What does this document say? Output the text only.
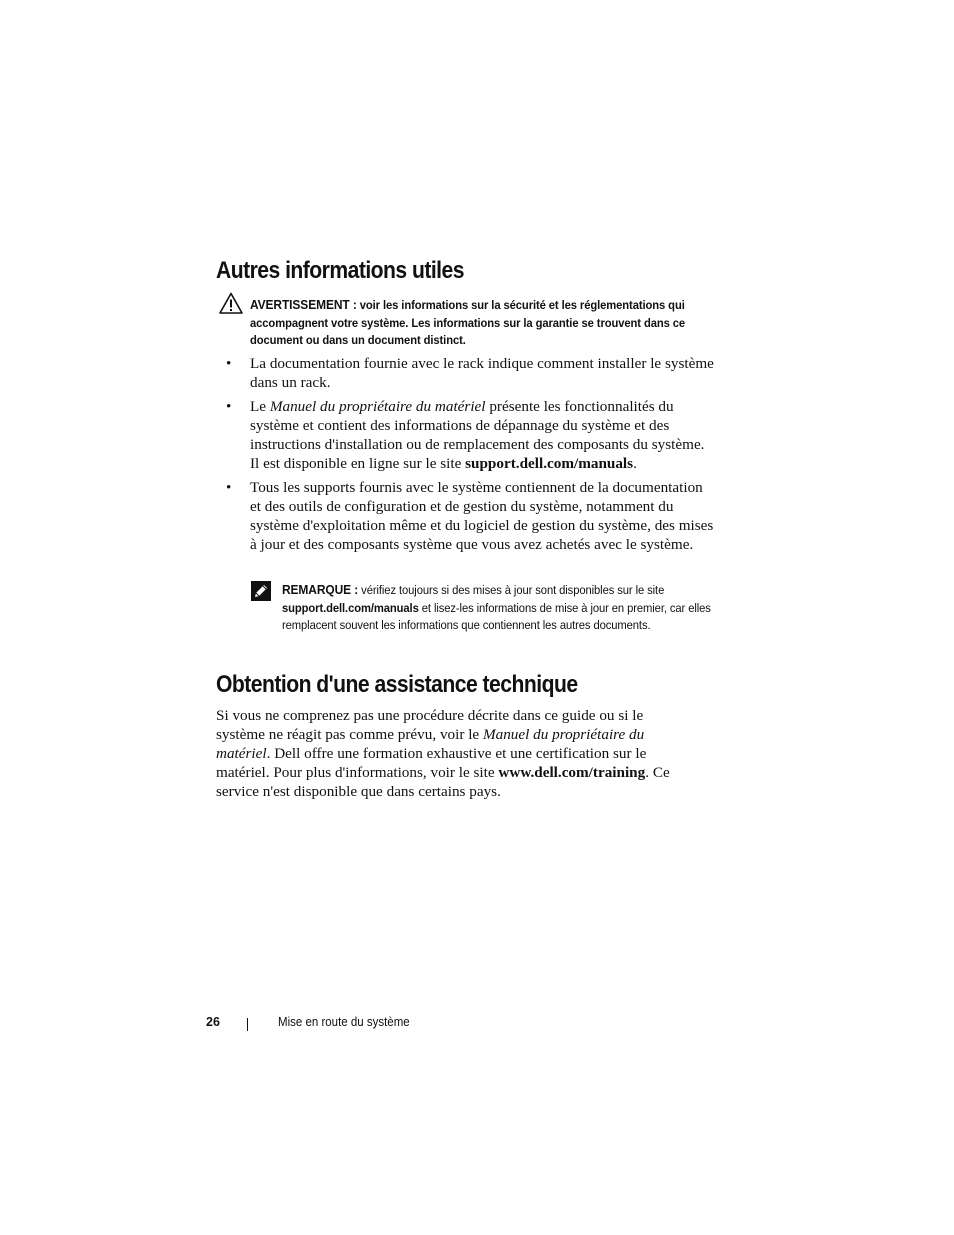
Autres informations utiles
AVERTISSEMENT : voir les informations sur la sécurité et les réglementations qui accompagnent votre système. Les informations sur la garantie se trouvent dans ce document ou dans un document distinct.
• La documentation fournie avec le rack indique comment installer le système dans un rack.
• Le Manuel du propriétaire du matériel présente les fonctionnalités du système et contient des informations de dépannage du système et des instructions d'installation ou de remplacement des composants du système. Il est disponible en ligne sur le site support.dell.com/manuals.
• Tous les supports fournis avec le système contiennent de la documentation et des outils de configuration et de gestion du système, notamment du système d'exploitation même et du logiciel de gestion du système, des mises à jour et des composants système que vous avez achetés avec le système.
REMARQUE : vérifiez toujours si des mises à jour sont disponibles sur le site support.dell.com/manuals et lisez-les informations de mise à jour en premier, car elles remplacent souvent les informations que contiennent les autres documents.
Obtention d'une assistance technique

Si vous ne comprenez pas une procédure décrite dans ce guide ou si le système ne réagit pas comme prévu, voir le Manuel du propriétaire du matériel. Dell offre une formation exhaustive et une certification sur le matériel. Pour plus d'informations, voir le site www.dell.com/training. Ce service n'est disponible que dans certains pays.

26	Mise en route du système
